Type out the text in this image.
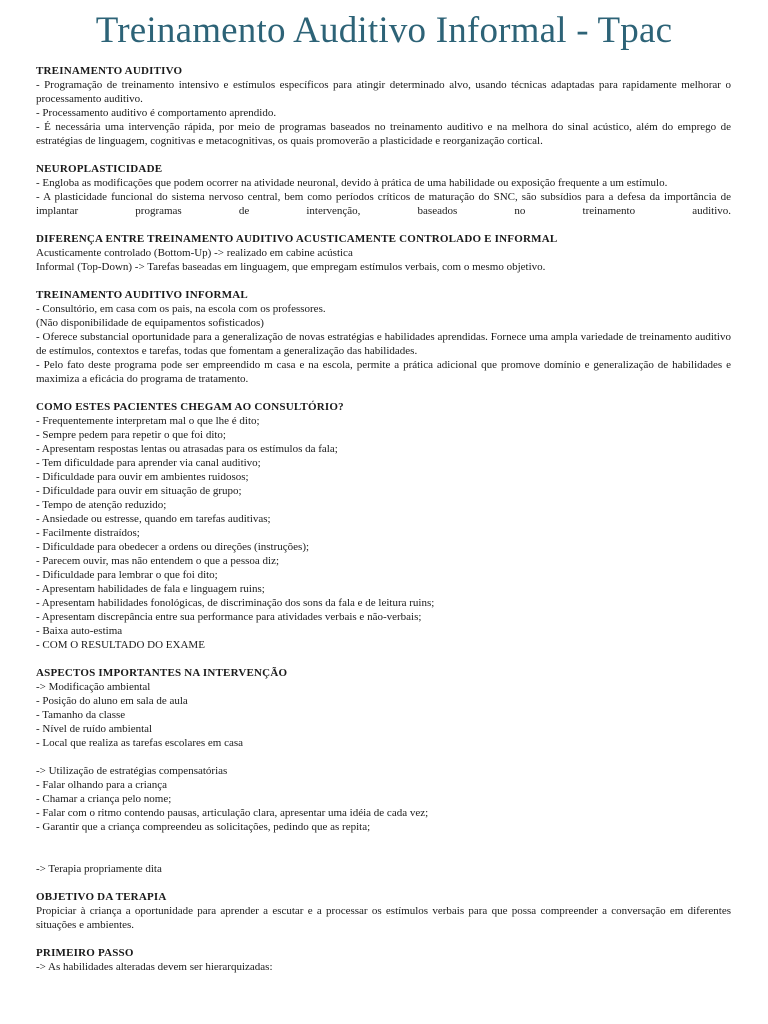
Treinamento Auditivo Informal - Tpac
TREINAMENTO AUDITIVO
- Programação de treinamento intensivo e estímulos específicos para atingir determinado alvo, usando técnicas adaptadas para rapidamente melhorar o processamento auditivo.
- Processamento auditivo é comportamento aprendido.
- É necessária uma intervenção rápida, por meio de programas baseados no treinamento auditivo e na melhora do sinal acústico, além do emprego de estratégias de linguagem, cognitivas e metacognitivas, os quais promoverão a plasticidade e reorganização cortical.
NEUROPLASTICIDADE
- Engloba as modificações que podem ocorrer na atividade neuronal, devido à prática de uma habilidade ou exposição frequente a um estímulo.
- A plasticidade funcional do sistema nervoso central, bem como períodos críticos de maturação do SNC, são subsídios para a defesa da importância de implantar programas de intervenção, baseados no treinamento auditivo.
DIFERENÇA ENTRE TREINAMENTO AUDITIVO ACUSTICAMENTE CONTROLADO E INFORMAL
Acusticamente controlado (Bottom-Up) -> realizado em cabine acústica
Informal (Top-Down) -> Tarefas baseadas em linguagem, que empregam estímulos verbais, com o mesmo objetivo.
TREINAMENTO AUDITIVO INFORMAL
- Consultório, em casa com os pais, na escola com os professores.
(Não disponibilidade de equipamentos sofisticados)
- Oferece substancial oportunidade para a generalização de novas estratégias e habilidades aprendidas. Fornece uma ampla variedade de treinamento auditivo de estímulos, contextos e tarefas, todas que fomentam a generalização das habilidades.
- Pelo fato deste programa pode ser empreendido m casa e na escola, permite a prática adicional que promove domínio e generalização de habilidades e maximiza a eficácia do programa de tratamento.
COMO ESTES PACIENTES CHEGAM AO CONSULTÓRIO?
- Frequentemente interpretam mal o que lhe é dito;
- Sempre pedem para repetir o que foi dito;
- Apresentam respostas lentas ou atrasadas para os estímulos da fala;
- Tem dificuldade para aprender via canal auditivo;
- Dificuldade para ouvir em ambientes ruidosos;
- Dificuldade para ouvir em situação de grupo;
- Tempo de atenção reduzido;
- Ansiedade ou estresse, quando em tarefas auditivas;
- Facilmente distraídos;
- Dificuldade para obedecer a ordens ou direções (instruções);
- Parecem ouvir, mas não entendem o que a pessoa diz;
- Dificuldade para lembrar o que foi dito;
- Apresentam habilidades de fala e linguagem ruins;
- Apresentam habilidades fonológicas, de discriminação dos sons da fala e de leitura ruins;
- Apresentam discrepância entre sua performance para atividades verbais e não-verbais;
- Baixa auto-estima
- COM O RESULTADO DO EXAME
ASPECTOS IMPORTANTES NA INTERVENÇÃO
-> Modificação ambiental
- Posição do aluno em sala de aula
- Tamanho da classe
- Nível de ruído ambiental
- Local que realiza as tarefas escolares em casa
-> Utilização de estratégias compensatórias
- Falar olhando para a criança
- Chamar a criança pelo nome;
- Falar com o ritmo contendo pausas, articulação clara, apresentar uma idéia de cada vez;
- Garantir que a criança compreendeu as solicitações, pedindo que as repita;
-> Terapia propriamente dita
OBJETIVO DA TERAPIA
Propiciar à criança a oportunidade para aprender a escutar e a processar os estímulos verbais para que possa compreender a conversação em diferentes situações e ambientes.
PRIMEIRO PASSO
-> As habilidades alteradas devem ser hierarquizadas:
